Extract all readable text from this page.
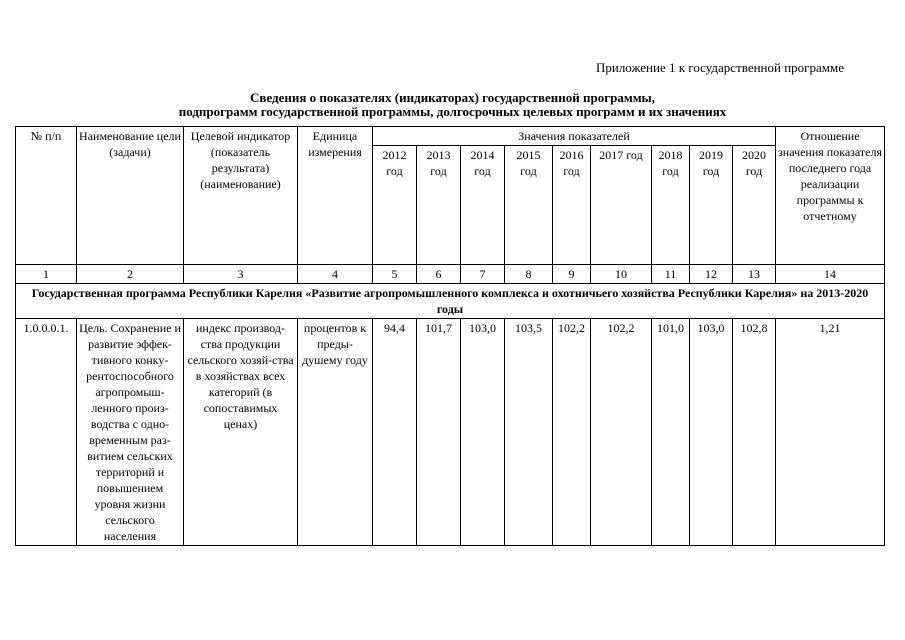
Приложение 1 к государственной программе
Сведения о показателях (индикаторах) государственной программы,
подпрограмм государственной программы, долгосрочных целевых программ и их значениях
№ п/п	Наименование цели (задачи)	Целевой индикатор (показатель результата) (наименование)	Единица измерения	Значения показателей									Отношение значения показателя последнего года реализации программы к отчетному
				2012 год	2013 год	2014 год	2015 год	2016 год	2017 год	2018 год	2019 год	2020 год	
1	2	3	4	5	6	7	8	9	10	11	12	13	14
Государственная программа Республики Карелия «Развитие агропромышленного комплекса и охотничьего хозяйства Республики Карелия» на 2013-2020 годы													
1.0.0.0.1.	Цель. Сохранение и развитие эффек-тивного конку-рентоспособного агропромыш-ленного произ-водства с одно-временным раз-витием сельских территорий и повышением уровня жизни сельского населения	индекс производ-ства продукции сельского хозяй-ства в хозяйствах всех категорий (в сопоставимых ценах)	процентов к преды-душему году	94,4	101,7	103,0	103,5	102,2	102,2	101,0	103,0	102,8	1,21
